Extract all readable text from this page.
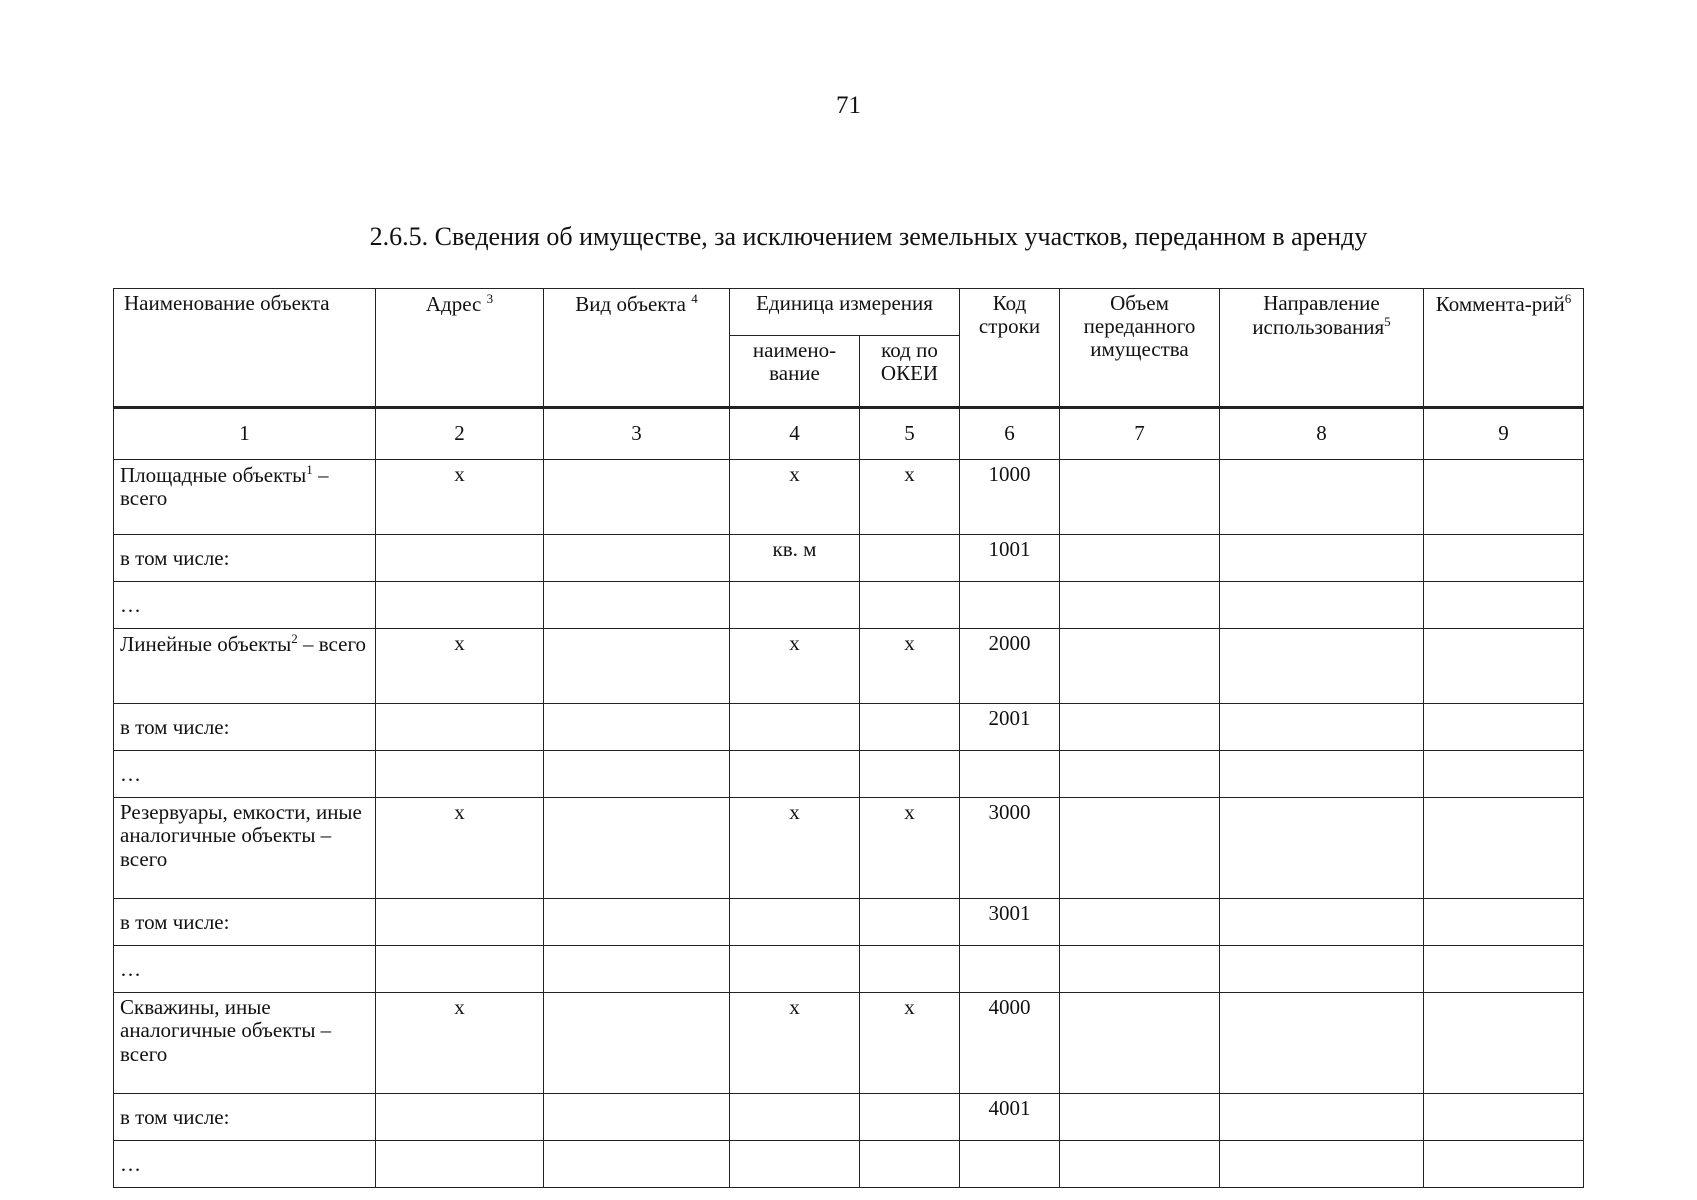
71
2.6.5. Сведения об имуществе, за исключением земельных участков, переданном в аренду
Наименование объекта	Адрес $^3$	Вид объекта $^4$	Единица измерения		Код строки	Объем переданного имущества	Направление использования$^5$	Коммента-рий$^6$
			наимено-вание	код по ОКЕИ				
1	2	3	4	5	6	7	8	9
Площадные объекты$^1$ – всего	х		х	х	1000			
в том числе:			кв. м		1001			
…								
Линейные объекты$^2$ – всего	х		х	х	2000			
в том числе:					2001			
…								
Резервуары, емкости, иные аналогичные объекты – всего	х		х	х	3000			
в том числе:					3001			
…								
Скважины, иные аналогичные объекты – всего	х		х	х	4000			
в том числе:					4001			
…								
